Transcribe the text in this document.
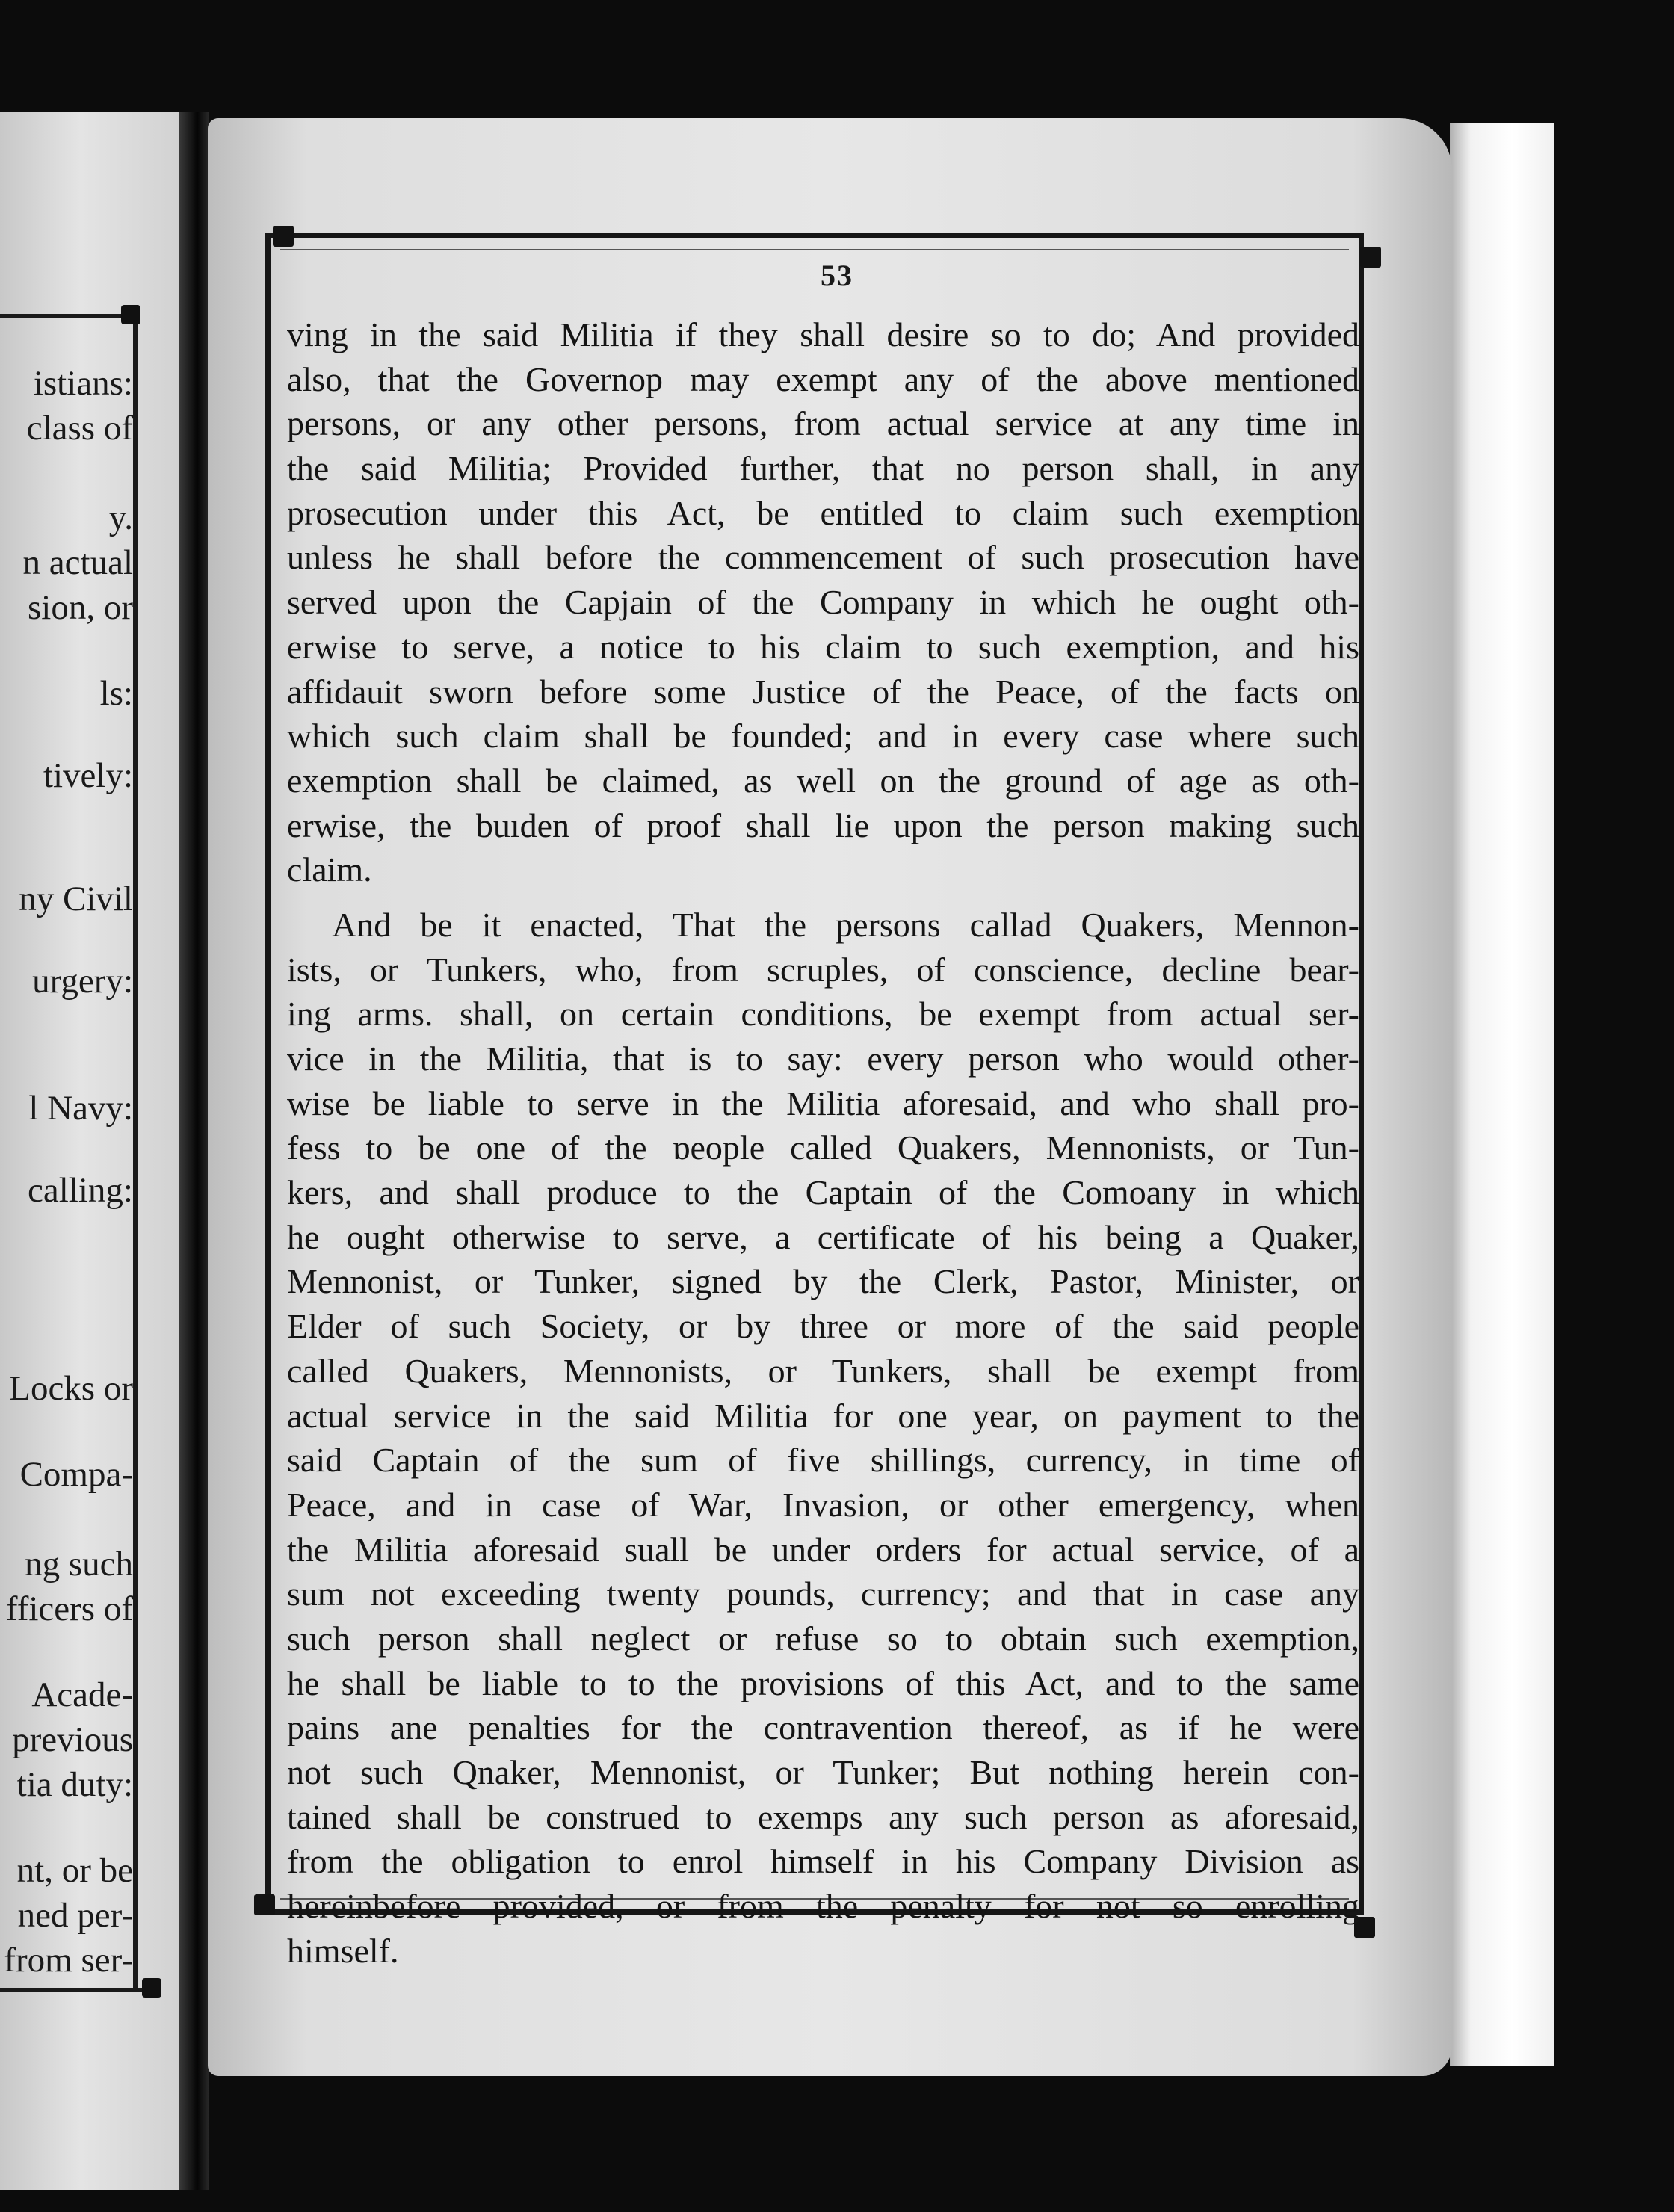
istians:
class of
y.
n actual
sion, or
ls:
tively:
ny Civil
urgery:
l Navy:
calling:
Locks or
Compa-
ng such
fficers of
Acade-
previous
tia duty:
nt, or be
ned per-
from ser-
53
ving in the said Militia if they shall desire so to do; And provided
also, that the Governop may exempt any of the above mentioned
persons, or any other persons, from actual service at any time in
the said Militia; Provided further, that no person shall, in any
prosecution under this Act, be entitled to claim such exemption
unless he shall before the commencement of such prosecution have
served upon the Capjain of the Company in which he ought oth-
erwise to serve, a notice to his claim to such exemption, and his
affidauit sworn before some Justice of the Peace, of the facts on
which such claim shall be founded; and in every case where such
exemption shall be claimed, as well on the ground of age as oth-
erwise, the buıden of proof shall lie upon the person making such
claim.
And be it enacted, That the persons callad Quakers, Mennon-
ists, or Tunkers, who, from scruples, of conscience, decline bear-
ing arms. shall, on certain conditions, be exempt from actual ser-
vice in the Militia, that is to say: every person who would other-
wise be liable to serve in the Militia aforesaid, and who shall pro-
fess to be one of the ɒeople called Quakers, Mennonists, or Tun-
kers, and shall produce to the Captain of the Comoany in which
he ought otherwise to serve, a certificate of his being a Quaker,
Mennonist, or Tunker, signed by the Clerk, Pastor, Minister, or
Elder of such Society, or by three or more of the said people
called Quakers, Mennonists, or Tunkers, shall be exempt from
actual service in the said Militia for one year, on payment to the
said Captain of the sum of five shillings, currency, in time of
Peace, and in case of War, Invasion, or other emergency, when
the Militia aforesaid suall be under orders for actual service, of a
sum not exceeding twenty pounds, currency; and that in case any
such person shall neglect or refuse so to obtain such exemption,
he shall be liable to to the provisions of this Act, and to the same
pains ane penalties for the contravention thereof, as if he were
not such Qnaker, Mennonist, or Tunker; But nothing herein con-
tained shall be construed to exemps any such person as aforesaid,
from the obligation to enrol himself in his Company Division as
hereinbefore provided, or from the penalty for not so enrolling
himself.
